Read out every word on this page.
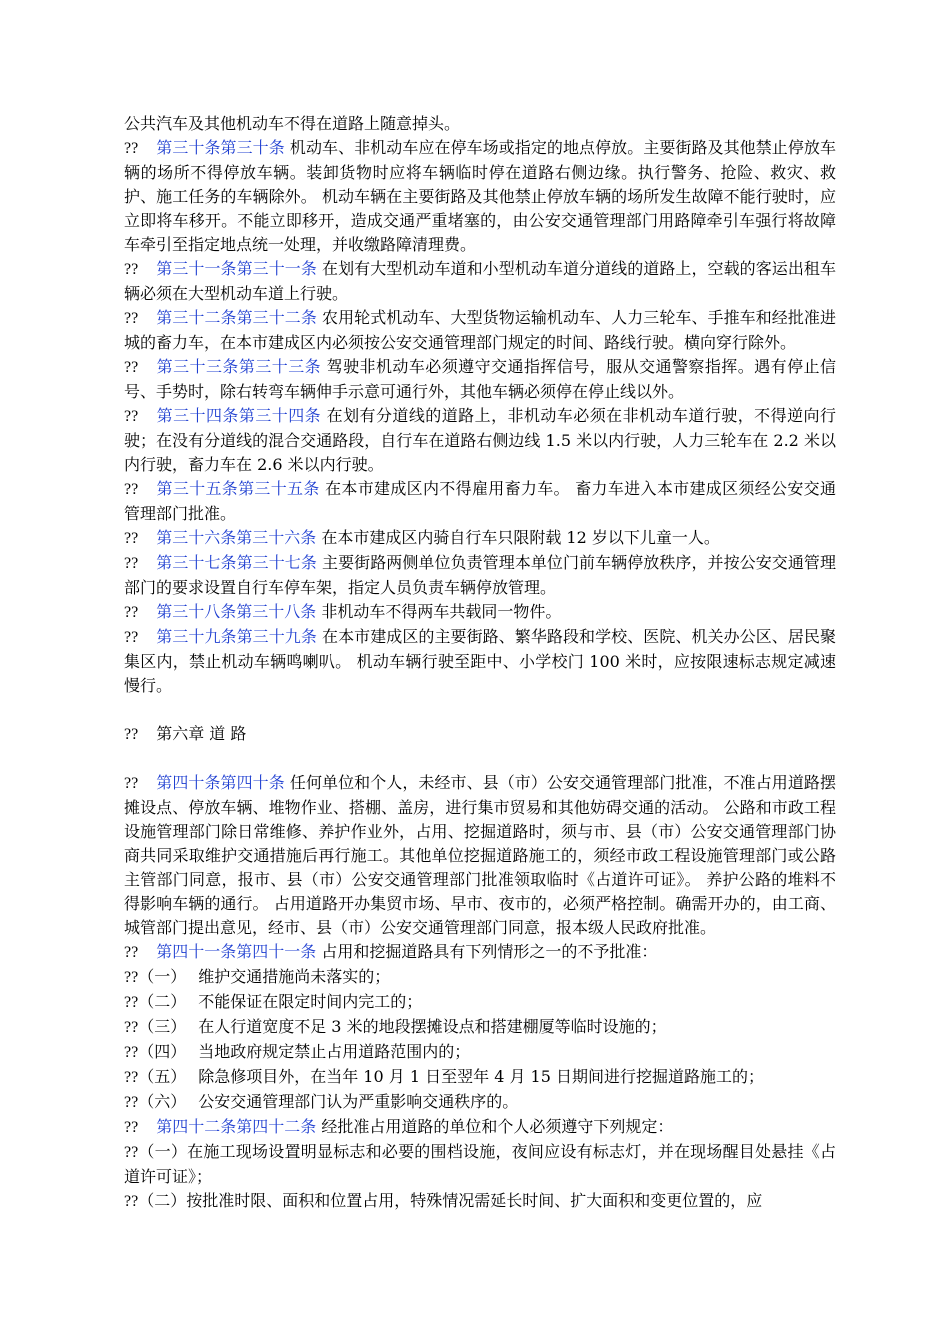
公共汽车及其他机动车不得在道路上随意掉头。

?? 第三十条第三十条 机动车、非机动车应在停车场或指定的地点停放。主要街路及其他禁止停放车辆的场所不得停放车辆。装卸货物时应将车辆临时停在道路右侧边缘。执行警务、抢险、救灾、救护、施工任务的车辆除外。 机动车辆在主要街路及其他禁止停放车辆的场所发生故障不能行驶时，应立即将车移开。不能立即移开，造成交通严重堵塞的，由公安交通管理部门用路障牵引车强行将故障车牵引至指定地点统一处理，并收缴路障清理费。

?? 第三十一条第三十一条 在划有大型机动车道和小型机动车道分道线的道路上，空载的客运出租车辆必须在大型机动车道上行驶。

?? 第三十二条第三十二条 农用轮式机动车、大型货物运输机动车、人力三轮车、手推车和经批准进城的畜力车，在本市建成区内必须按公安交通管理部门规定的时间、路线行驶。横向穿行除外。

?? 第三十三条第三十三条 驾驶非机动车必须遵守交通指挥信号，服从交通警察指挥。遇有停止信号、手势时，除右转弯车辆伸手示意可通行外，其他车辆必须停在停止线以外。

?? 第三十四条第三十四条 在划有分道线的道路上，非机动车必须在非机动车道行驶，不得逆向行驶；在没有分道线的混合交通路段，自行车在道路右侧边线 1.5 米以内行驶，人力三轮车在 2.2 米以内行驶，畜力车在 2.6 米以内行驶。

?? 第三十五条第三十五条 在本市建成区内不得雇用畜力车。 畜力车进入本市建成区须经公安交通管理部门批准。

?? 第三十六条第三十六条 在本市建成区内骑自行车只限附载 12 岁以下儿童一人。

?? 第三十七条第三十七条 主要街路两侧单位负责管理本单位门前车辆停放秩序，并按公安交通管理部门的要求设置自行车停车架，指定人员负责车辆停放管理。

?? 第三十八条第三十八条 非机动车不得两车共载同一物件。

?? 第三十九条第三十九条 在本市建成区的主要街路、繁华路段和学校、医院、机关办公区、居民聚集区内，禁止机动车辆鸣喇叭。 机动车辆行驶至距中、小学校门 100 米时，应按限速标志规定减速慢行。

?? 第六章 道 路

?? 第四十条第四十条 任何单位和个人，未经市、县（市）公安交通管理部门批准，不准占用道路摆摊设点、停放车辆、堆物作业、搭棚、盖房，进行集市贸易和其他妨碍交通的活动。 公路和市政工程设施管理部门除日常维修、养护作业外，占用、挖掘道路时，须与市、县（市）公安交通管理部门协商共同采取维护交通措施后再行施工。其他单位挖掘道路施工的，须经市政工程设施管理部门或公路主管部门同意，报市、县（市）公安交通管理部门批准领取临时《占道许可证》。 养护公路的堆料不得影响车辆的通行。 占用道路开办集贸市场、早市、夜市的，必须严格控制。确需开办的，由工商、城管部门提出意见，经市、县（市）公安交通管理部门同意，报本级人民政府批准。

?? 第四十一条第四十一条 占用和挖掘道路具有下列情形之一的不予批准：

??（一） 维护交通措施尚未落实的；

??（二） 不能保证在限定时间内完工的；

??（三） 在人行道宽度不足 3 米的地段摆摊设点和搭建棚厦等临时设施的；

??（四） 当地政府规定禁止占用道路范围内的；

??（五） 除急修项目外，在当年 10 月 1 日至翌年 4 月 15 日期间进行挖掘道路施工的；

??（六） 公安交通管理部门认为严重影响交通秩序的。

?? 第四十二条第四十二条 经批准占用道路的单位和个人必须遵守下列规定：

??（一）在施工现场设置明显标志和必要的围档设施，夜间应设有标志灯，并在现场醒目处悬挂《占道许可证》；

??（二）按批准时限、面积和位置占用，特殊情况需延长时间、扩大面积和变更位置的，应
